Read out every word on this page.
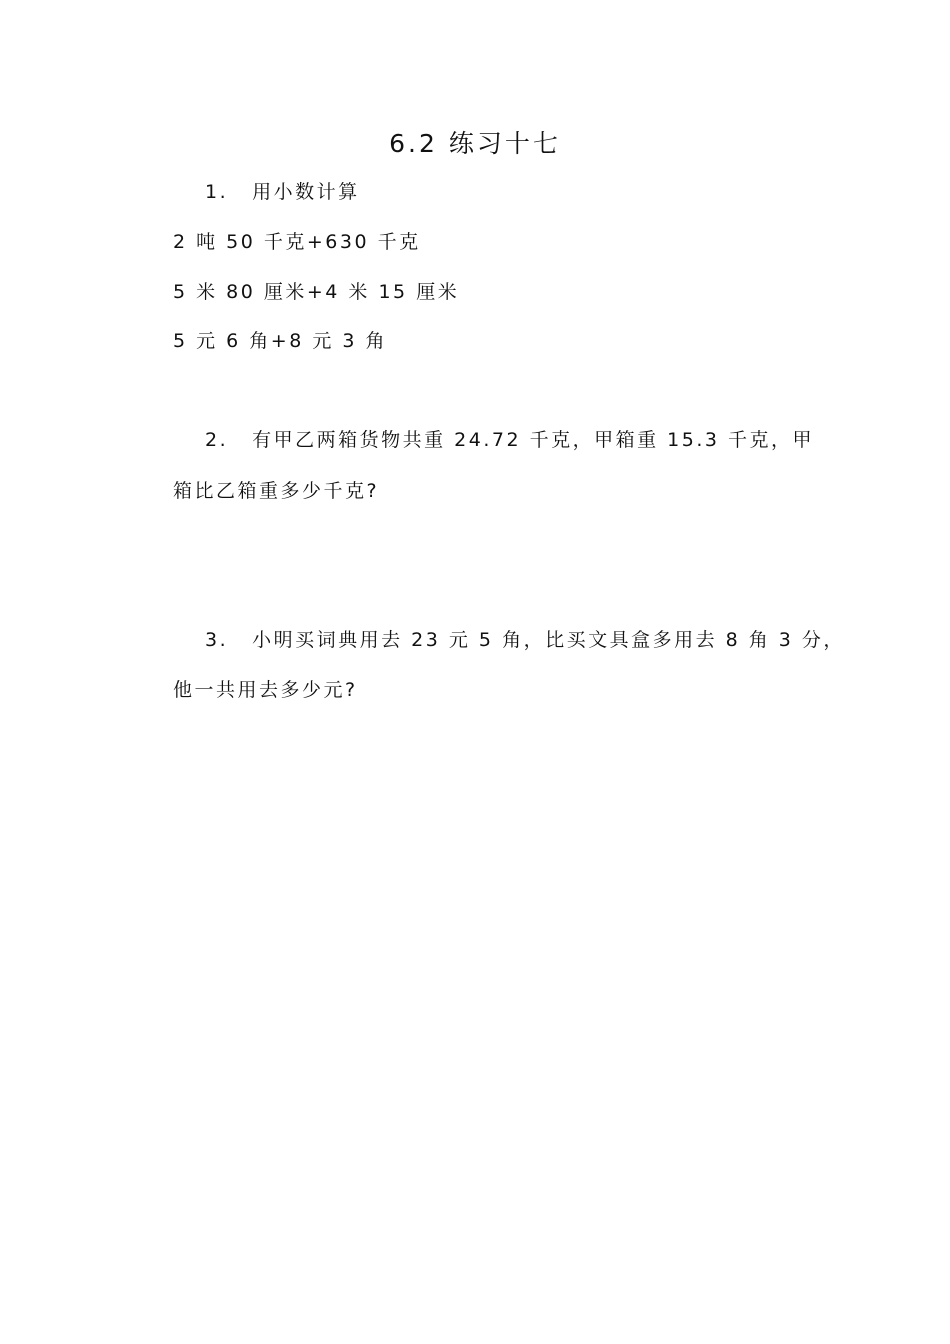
6.2 练习十七
1. 用小数计算
2 吨 50 千克+630 千克
5 米 80 厘米+4 米 15 厘米
5 元 6 角+8 元 3 角
2. 有甲乙两箱货物共重 24.72 千克，甲箱重 15.3 千克，甲
箱比乙箱重多少千克?
3. 小明买词典用去 23 元 5 角，比买文具盒多用去 8 角 3 分，
他一共用去多少元?
